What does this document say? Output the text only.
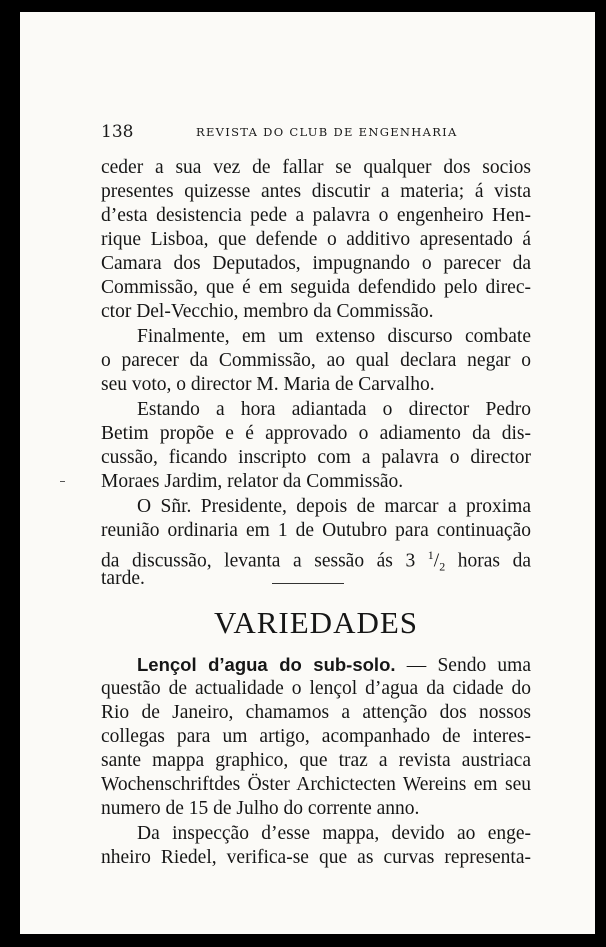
138	REVISTA DO CLUB DE ENGENHARIA
ceder a sua vez de fallar se qualquer dos socios
presentes quizesse antes discutir a materia; á vista
d’esta desistencia pede a palavra o engenheiro Hen-
rique Lisboa, que defende o additivo apresentado á
Camara dos Deputados, impugnando o parecer da
Commissão, que é em seguida defendido pelo direc-
ctor Del-Vecchio, membro da Commissão.
Finalmente, em um extenso discurso combate
o parecer da Commissão, ao qual declara negar o
seu voto, o director M. Maria de Carvalho.
Estando a hora adiantada o director Pedro
Betim propõe e é approvado o adiamento da dis-
cussão, ficando inscripto com a palavra o director
Moraes Jardim, relator da Commissão.
O Sñr. Presidente, depois de marcar a proxima
reunião ordinaria em 1 de Outubro para continuação
da discussão, levanta a sessão ás 3 $^1/_2$ horas da
tarde.
VARIEDADES
Lençol d’agua do sub-solo. — Sendo uma
questão de actualidade o lençol d’agua da cidade do
Rio de Janeiro, chamamos a attenção dos nossos
collegas para um artigo, acompanhado de interes-
sante mappa graphico, que traz a revista austriaca
Wochenschriftdes Öster Archictecten Wereins em seu
numero de 15 de Julho do corrente anno.
Da inspecção d’esse mappa, devido ao enge-
nheiro Riedel, verifica-se que as curvas representa-
